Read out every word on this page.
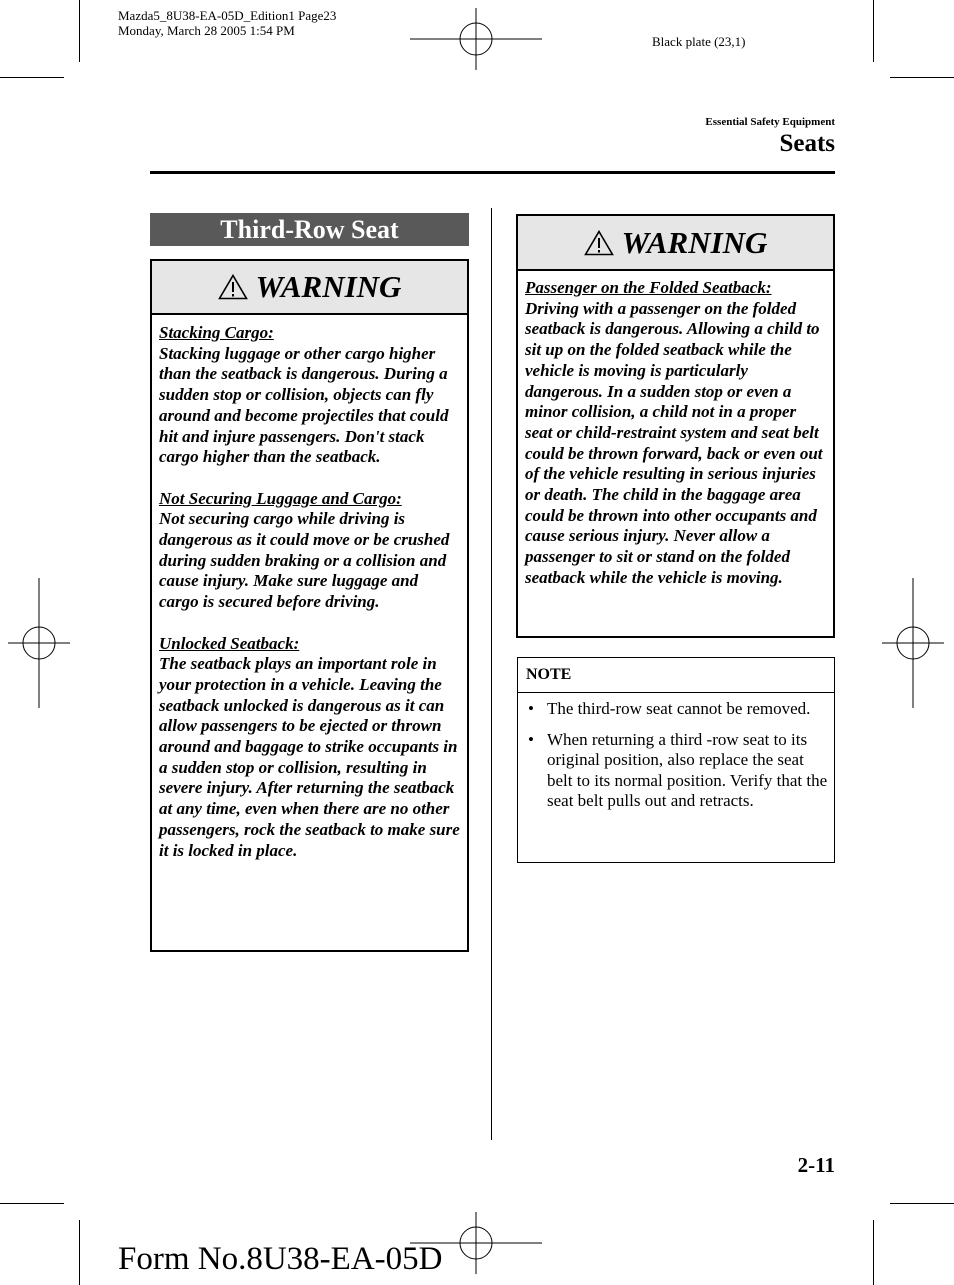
Mazda5_8U38-EA-05D_Edition1 Page23
Monday, March 28 2005 1:54 PM
Black plate (23,1)
Essential Safety Equipment
Seats
Third-Row Seat
WARNING
Stacking Cargo:
Stacking luggage or other cargo higher than the seatback is dangerous. During a sudden stop or collision, objects can fly around and become projectiles that could hit and injure passengers. Don't stack cargo higher than the seatback.
Not Securing Luggage and Cargo:
Not securing cargo while driving is dangerous as it could move or be crushed during sudden braking or a collision and cause injury. Make sure luggage and cargo is secured before driving.
Unlocked Seatback:
The seatback plays an important role in your protection in a vehicle. Leaving the seatback unlocked is dangerous as it can allow passengers to be ejected or thrown around and baggage to strike occupants in a sudden stop or collision, resulting in severe injury. After returning the seatback at any time, even when there are no other passengers, rock the seatback to make sure it is locked in place.
WARNING
Passenger on the Folded Seatback:
Driving with a passenger on the folded seatback is dangerous. Allowing a child to sit up on the folded seatback while the vehicle is moving is particularly dangerous. In a sudden stop or even a minor collision, a child not in a proper seat or child-restraint system and seat belt could be thrown forward, back or even out of the vehicle resulting in serious injuries or death. The child in the baggage area could be thrown into other occupants and cause serious injury. Never allow a passenger to sit or stand on the folded seatback while the vehicle is moving.
NOTE
• The third-row seat cannot be removed.
• When returning a third -row seat to its original position, also replace the seat belt to its normal position. Verify that the seat belt pulls out and retracts.
2-11
Form No.8U38-EA-05D
